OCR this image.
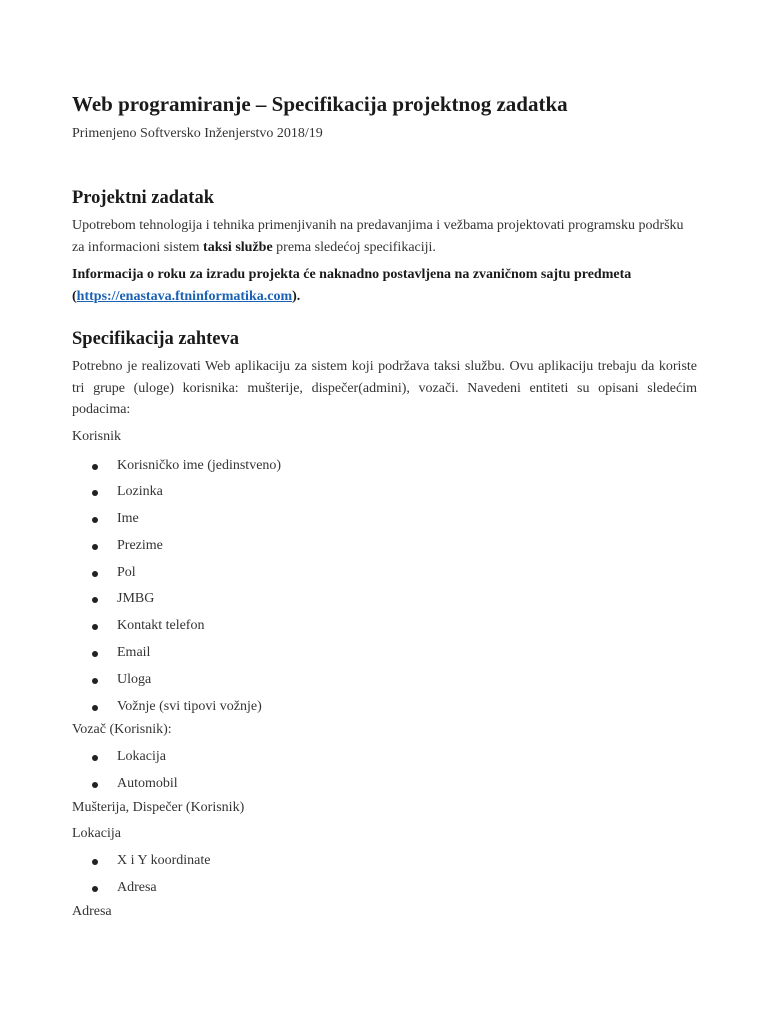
Web programiranje – Specifikacija projektnog zadatka

Primenjeno Softversko Inženjerstvo 2018/19

Projektni zadatak

Upotrebom tehnologija i tehnika primenjivanih na predavanjima i vežbama projektovati programsku podršku za informacioni sistem taksi službe prema sledećoj specifikaciji.

Informacija o roku za izradu projekta će naknadno postavljena na zvaničnom sajtu predmeta (https://enastava.ftninformatika.com).

Specifikacija zahteva

Potrebno je realizovati Web aplikaciju za sistem koji podržava taksi službu. Ovu aplikaciju trebaju da koriste tri grupe (uloge) korisnika: mušterije, dispečer(admini), vozači. Navedeni entiteti su opisani sledećim podacima:

Korisnik

Korisničko ime (jedinstveno)
Lozinka
Ime
Prezime
Pol
JMBG
Kontakt telefon
Email
Uloga
Vožnje (svi tipovi vožnje)

Vozač (Korisnik):

Lokacija
Automobil

Mušterija, Dispečer (Korisnik)

Lokacija

X i Y koordinate
Adresa

Adresa
